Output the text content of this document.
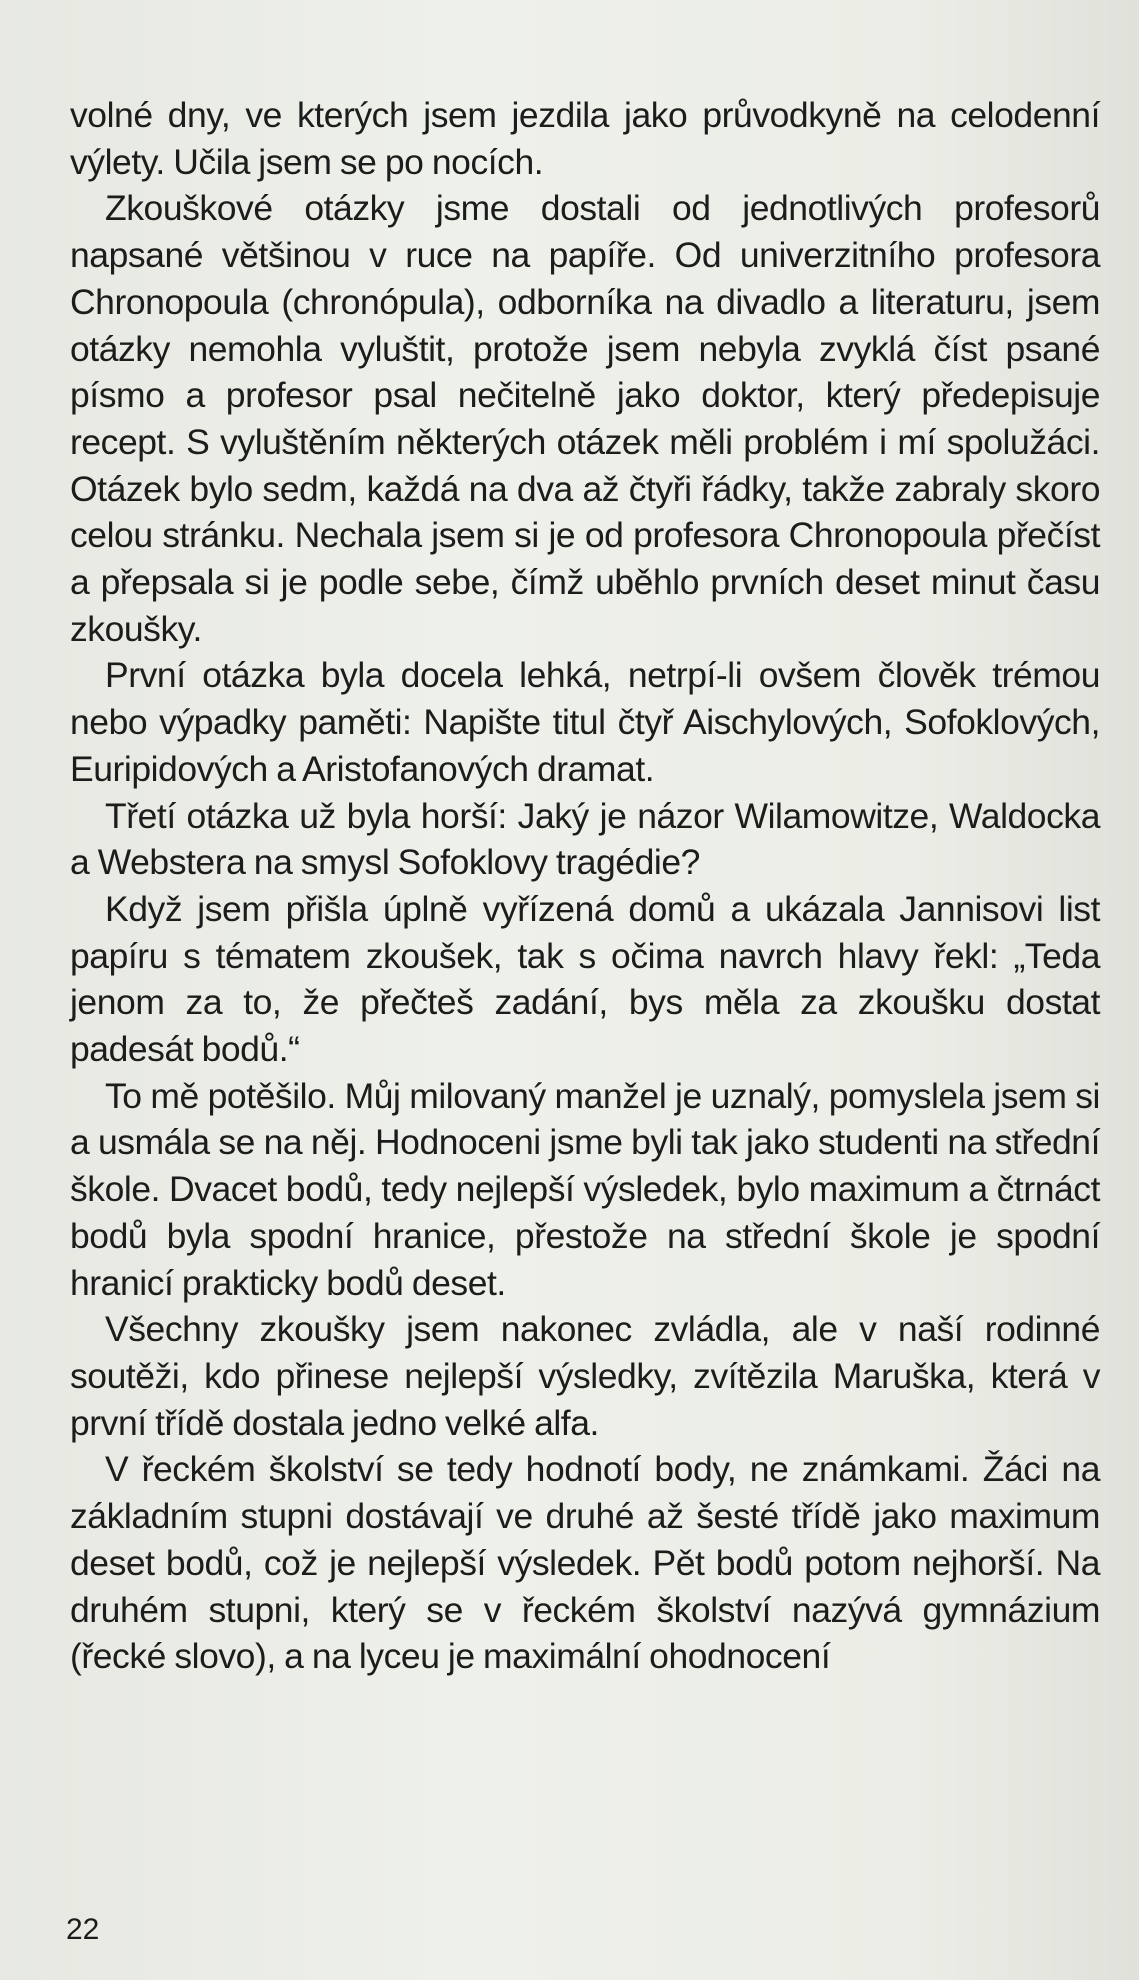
volné dny, ve kterých jsem jezdila jako průvodkyně na celodenní výlety. Učila jsem se po nocích.

Zkouškové otázky jsme dostali od jednotlivých profesorů napsané většinou v ruce na papíře. Od univerzitního profesora Chronopoula (chronópula), odborníka na divadlo a literaturu, jsem otázky nemohla vyluštit, protože jsem nebyla zvyklá číst psané písmo a profesor psal nečitelně jako doktor, který předepisuje recept. S vyluštěním některých otázek měli problém i mí spolužáci. Otázek bylo sedm, každá na dva až čtyři řádky, takže zabraly skoro celou stránku. Nechala jsem si je od profesora Chronopoula přečíst a přepsala si je podle sebe, čímž uběhlo prvních deset minut času zkoušky.

První otázka byla docela lehká, netrpí-li ovšem člověk trémou nebo výpadky paměti: Napište titul čtyř Aischylových, Sofoklových, Euripidových a Aristofanových dramat.

Třetí otázka už byla horší: Jaký je názor Wilamowitze, Waldocka a Webstera na smysl Sofoklovy tragédie?

Když jsem přišla úplně vyřízená domů a ukázala Jannisovi list papíru s tématem zkoušek, tak s očima navrch hlavy řekl: „Teda jenom za to, že přečteš zadání, bys měla za zkoušku dostat padesát bodů.“

To mě potěšilo. Můj milovaný manžel je uznalý, pomyslela jsem si a usmála se na něj. Hodnoceni jsme byli tak jako studenti na střední škole. Dvacet bodů, tedy nejlepší výsledek, bylo maximum a čtrnáct bodů byla spodní hranice, přestože na střední škole je spodní hranicí prakticky bodů deset.

Všechny zkoušky jsem nakonec zvládla, ale v naší rodinné soutěži, kdo přinese nejlepší výsledky, zvítězila Maruška, která v první třídě dostala jedno velké alfa.

V řeckém školství se tedy hodnotí body, ne známkami. Žáci na základním stupni dostávají ve druhé až šesté třídě jako maximum deset bodů, což je nejlepší výsledek. Pět bodů potom nejhorší. Na druhém stupni, který se v řeckém školství nazývá gymnázium (řecké slovo), a na lyceu je maximální ohodnocení

22
